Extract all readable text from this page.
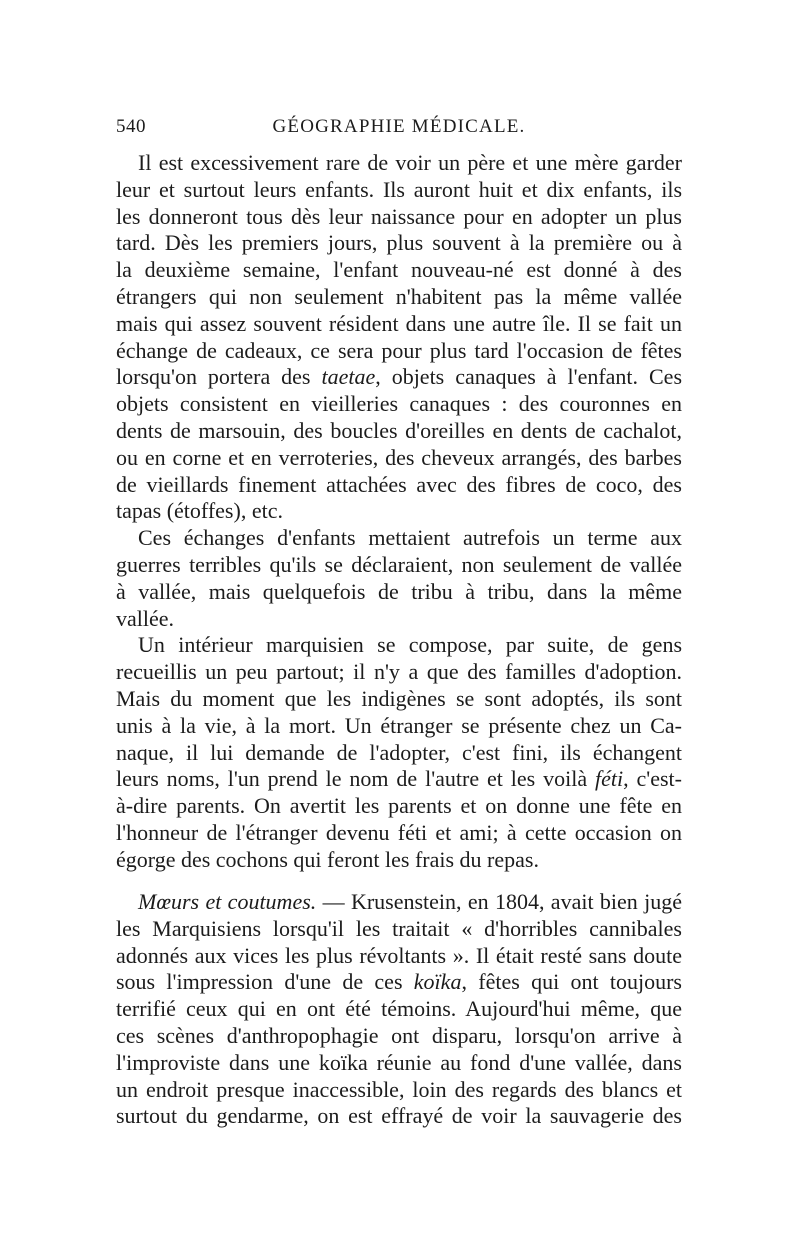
540	GÉOGRAPHIE MÉDICALE.
Il est excessivement rare de voir un père et une mère garder
leur et surtout leurs enfants. Ils auront huit et dix enfants, ils
les donneront tous dès leur naissance pour en adopter un plus
tard. Dès les premiers jours, plus souvent à la première ou à
la deuxième semaine, l'enfant nouveau-né est donné à des
étrangers qui non seulement n'habitent pas la même vallée
mais qui assez souvent résident dans une autre île. Il se fait un
échange de cadeaux, ce sera pour plus tard l'occasion de fêtes
lorsqu'on portera des taetae, objets canaques à l'enfant. Ces
objets consistent en vieilleries canaques : des couronnes en
dents de marsouin, des boucles d'oreilles en dents de cachalot,
ou en corne et en verroteries, des cheveux arrangés, des barbes
de vieillards finement attachées avec des fibres de coco, des
tapas (étoffes), etc.
Ces échanges d'enfants mettaient autrefois un terme aux
guerres terribles qu'ils se déclaraient, non seulement de vallée
à vallée, mais quelquefois de tribu à tribu, dans la même
vallée.
Un intérieur marquisien se compose, par suite, de gens
recueillis un peu partout; il n'y a que des familles d'adoption.
Mais du moment que les indigènes se sont adoptés, ils sont
unis à la vie, à la mort. Un étranger se présente chez un Ca-
naque, il lui demande de l'adopter, c'est fini, ils échangent
leurs noms, l'un prend le nom de l'autre et les voilà féti, c'est-
à-dire parents. On avertit les parents et on donne une fête en
l'honneur de l'étranger devenu féti et ami; à cette occasion on
égorge des cochons qui feront les frais du repas.
Mœurs et coutumes. — Krusenstein, en 1804, avait bien jugé
les Marquisiens lorsqu'il les traitait « d'horribles cannibales
adonnés aux vices les plus révoltants ». Il était resté sans doute
sous l'impression d'une de ces koïka, fêtes qui ont toujours
terrifié ceux qui en ont été témoins. Aujourd'hui même, que
ces scènes d'anthropophagie ont disparu, lorsqu'on arrive à
l'improviste dans une koïka réunie au fond d'une vallée, dans
un endroit presque inaccessible, loin des regards des blancs et
surtout du gendarme, on est effrayé de voir la sauvagerie des
